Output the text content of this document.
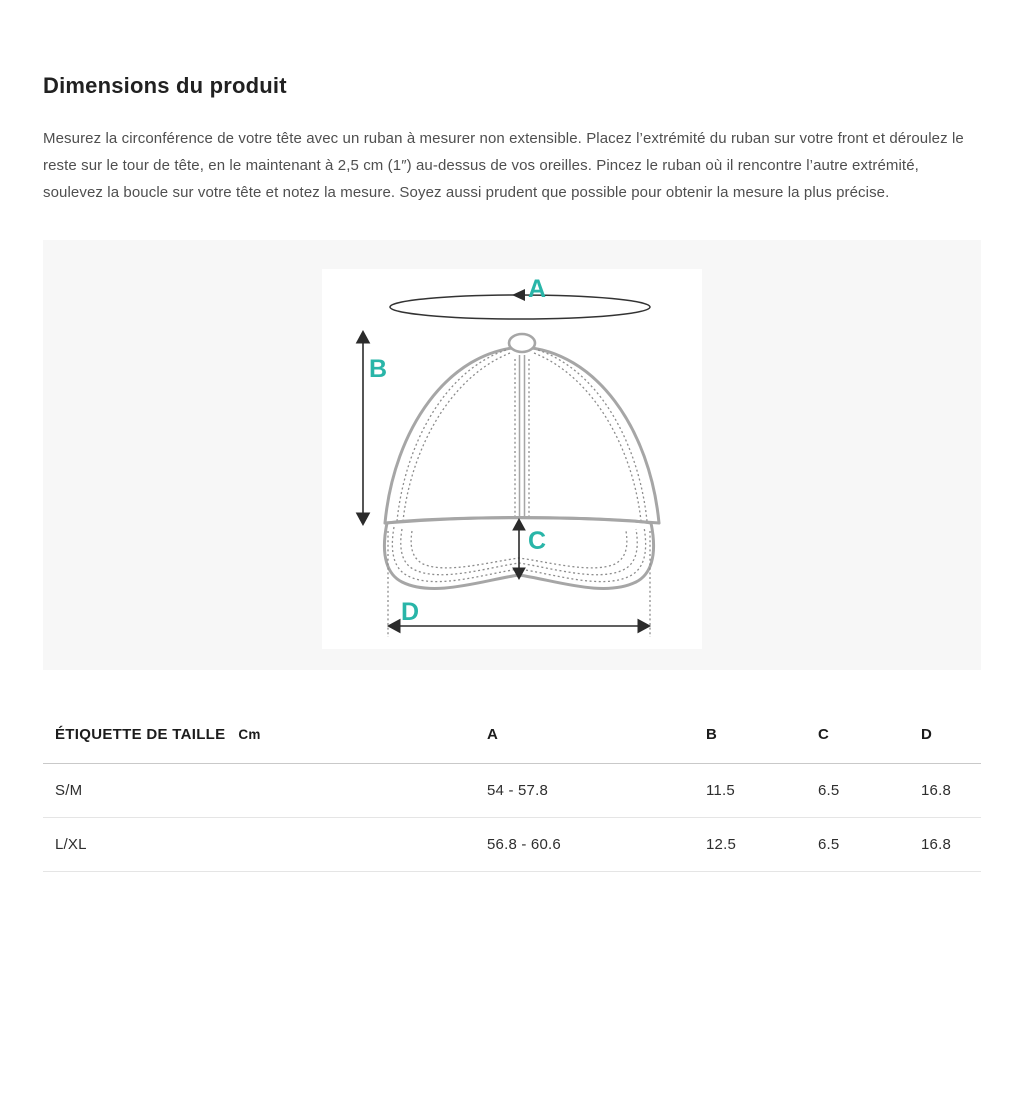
Dimensions du produit

Mesurez la circonférence de votre tête avec un ruban à mesurer non extensible. Placez l’extrémité du ruban sur votre front et déroulez le reste sur le tour de tête, en le maintenant à 2,5 cm (1″) au-dessus de vos oreilles. Pincez le ruban où il rencontre l’autre extrémité, soulevez la boucle sur votre tête et notez la mesure. Soyez aussi prudent que possible pour obtenir la mesure la plus précise.

A
B
C
D
ÉTIQUETTE DE TAILLE Cm	A	B	C	D
S/M	54 - 57.8	11.5	6.5	16.8
L/XL	56.8 - 60.6	12.5	6.5	16.8
